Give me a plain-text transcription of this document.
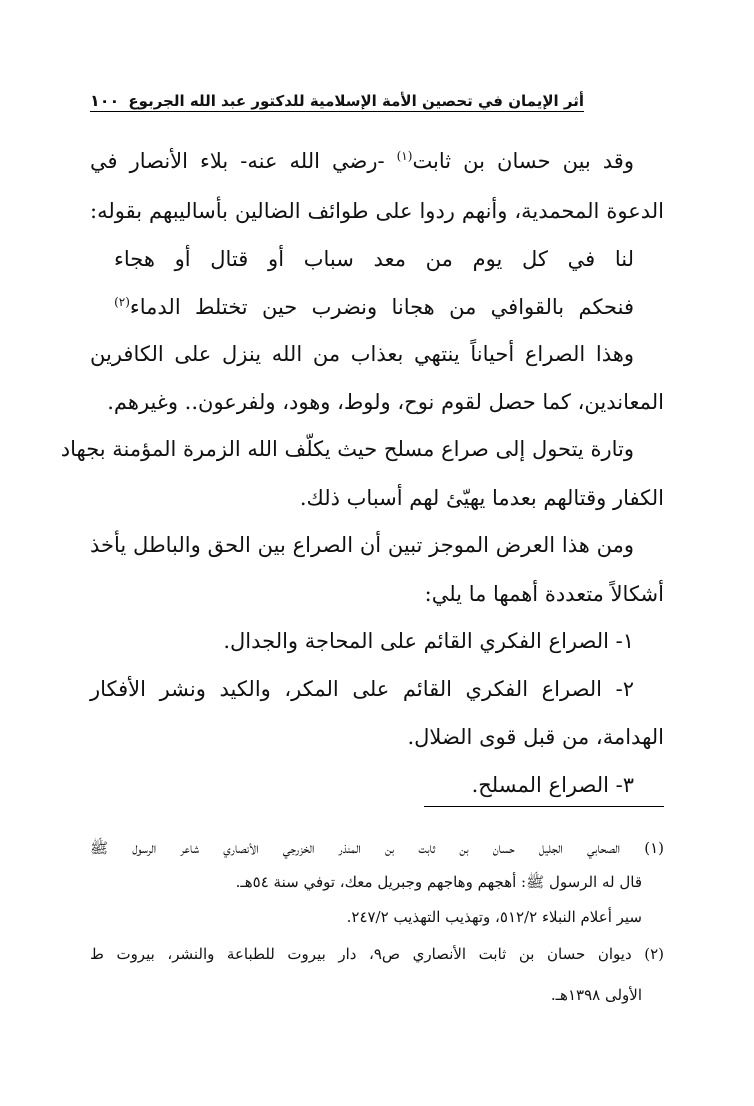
أثر الإيمان في تحصين الأمة الإسلامية للدكتور عبد الله الجربوع
١٠٠
وقد بين حسان بن ثابت$^{(١)}$ -رضي الله عنه- بلاء الأنصار في
الدعوة المحمدية، وأنهم ردوا على طوائف الضالين بأساليبهم بقوله:
لنا
في
كل
يوم
من
معد
سباب
أو
قتال
أو
هجاء
فنحكم
بالقوافي
من
هجانا
ونضرب
حين
تختلط
الدماء$^{(٢)}$
وهذا الصراع أحياناً ينتهي بعذاب من الله ينزل على الكافرين
المعاندين، كما حصل لقوم نوح، ولوط، وهود، ولفرعون.. وغيرهم.
وتارة يتحول إلى صراع مسلح حيث يكلّف الله الزمرة المؤمنة بجهاد
الكفار وقتالهم بعدما يهيّئ لهم أسباب ذلك.
ومن هذا العرض الموجز تبين أن الصراع بين الحق والباطل يأخذ
أشكالاً متعددة أهمها ما يلي:
١- الصراع الفكري القائم على المحاجة والجدال.
٢- الصراع الفكري القائم على المكر، والكيد ونشر الأفكار
الهدامة، من قبل قوى الضلال.
٣- الصراع المسلح.
(١) الصحابي الجليل حسان بن ثابت بن المنذر الخزرجي الأنصاري شاعر الرسول ﷺ
قال له الرسول ﷺ: أهجهم وهاجهم وجبريل معك، توفي سنة ٥٤هـ.
سير أعلام النبلاء ٥١٢/٢، وتهذيب التهذيب ٢٤٧/٢.
(٢) ديوان حسان بن ثابت الأنصاري ص٩، دار بيروت للطباعة والنشر، بيروت ط
الأولى ١٣٩٨هـ.
